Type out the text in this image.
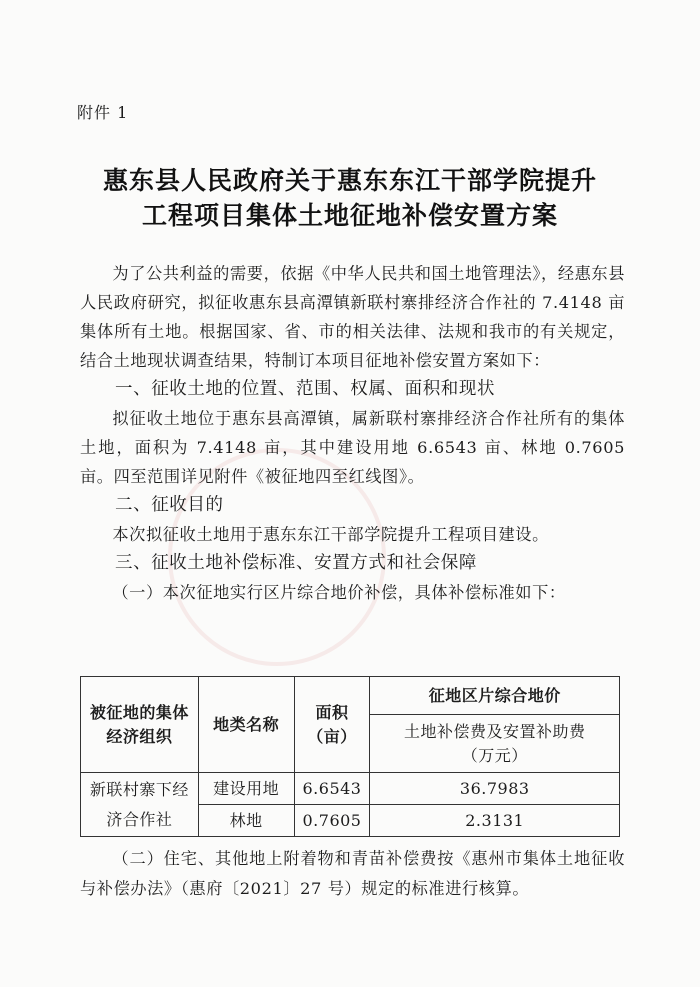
附件 1
惠东县人民政府关于惠东东江干部学院提升
工程项目集体土地征地补偿安置方案

为了公共利益的需要，依据《中华人民共和国土地管理法》，经惠东县人民政府研究，拟征收惠东县高潭镇新联村寨排经济合作社的 7.4148 亩集体所有土地。根据国家、省、市的相关法律、法规和我市的有关规定，结合土地现状调查结果，特制订本项目征地补偿安置方案如下：

一、征收土地的位置、范围、权属、面积和现状

拟征收土地位于惠东县高潭镇，属新联村寨排经济合作社所有的集体土地，面积为 7.4148 亩，其中建设用地 6.6543 亩、林地 0.7605 亩。四至范围详见附件《被征地四至红线图》。

二、征收目的

本次拟征收土地用于惠东东江干部学院提升工程项目建设。

三、征收土地补偿标准、安置方式和社会保障

（一）本次征地实行区片综合地价补偿，具体补偿标准如下：

被征地的集体经济组织	地类名称	面积（亩）	征地区片综合地价
			土地补偿费及安置补助费（万元）
新联村寨下经济合作社	建设用地	6.6543	36.7983
	林地	0.7605	2.3131

（二）住宅、其他地上附着物和青苗补偿费按《惠州市集体土地征收与补偿办法》（惠府〔2021〕27 号）规定的标准进行核算。
